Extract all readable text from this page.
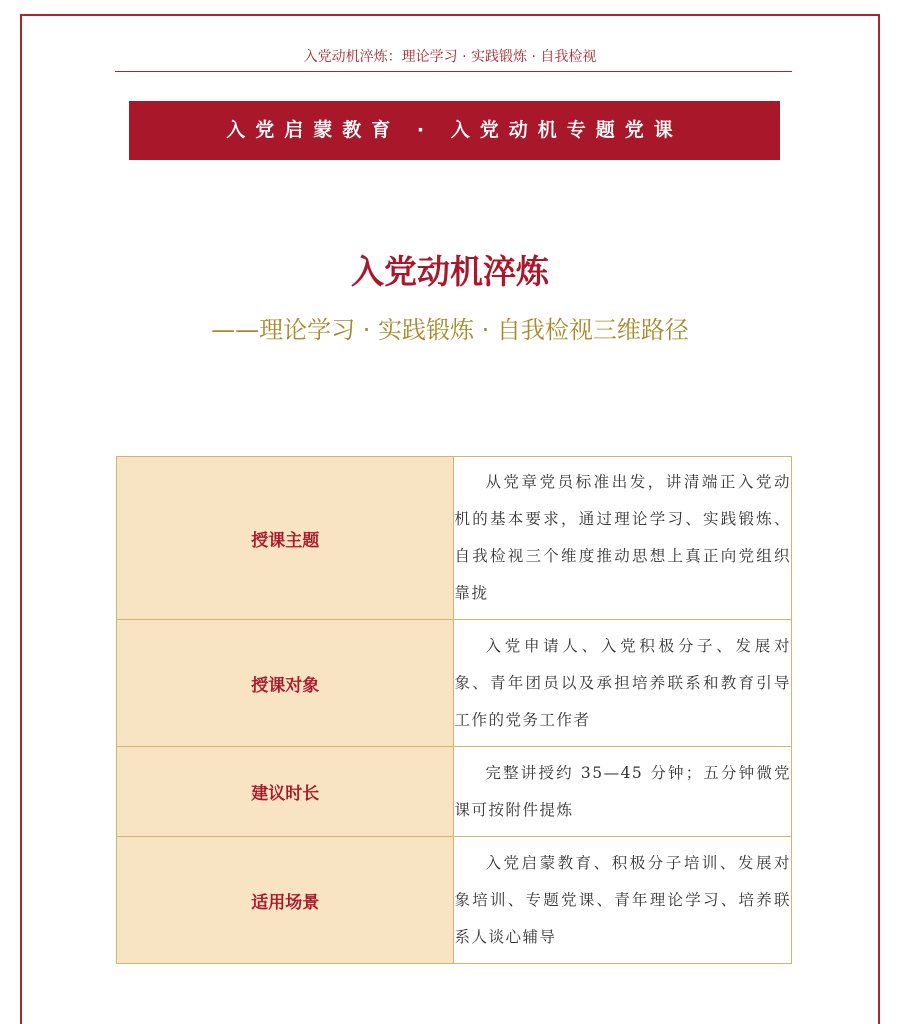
入党动机淬炼：理论学习 · 实践锻炼 · 自我检视
入党启蒙教育 · 入党动机专题党课
入党动机淬炼
——理论学习 · 实践锻炼 · 自我检视三维路径
授课主题	从党章党员标准出发，讲清端正入党动机的基本要求，通过理论学习、实践锻炼、自我检视三个维度推动思想上真正向党组织靠拢
授课对象	入党申请人、入党积极分子、发展对象、青年团员以及承担培养联系和教育引导工作的党务工作者
建议时长	完整讲授约 35—45 分钟；五分钟微党课可按附件提炼
适用场景	入党启蒙教育、积极分子培训、发展对象培训、专题党课、青年理论学习、培养联系人谈心辅导
